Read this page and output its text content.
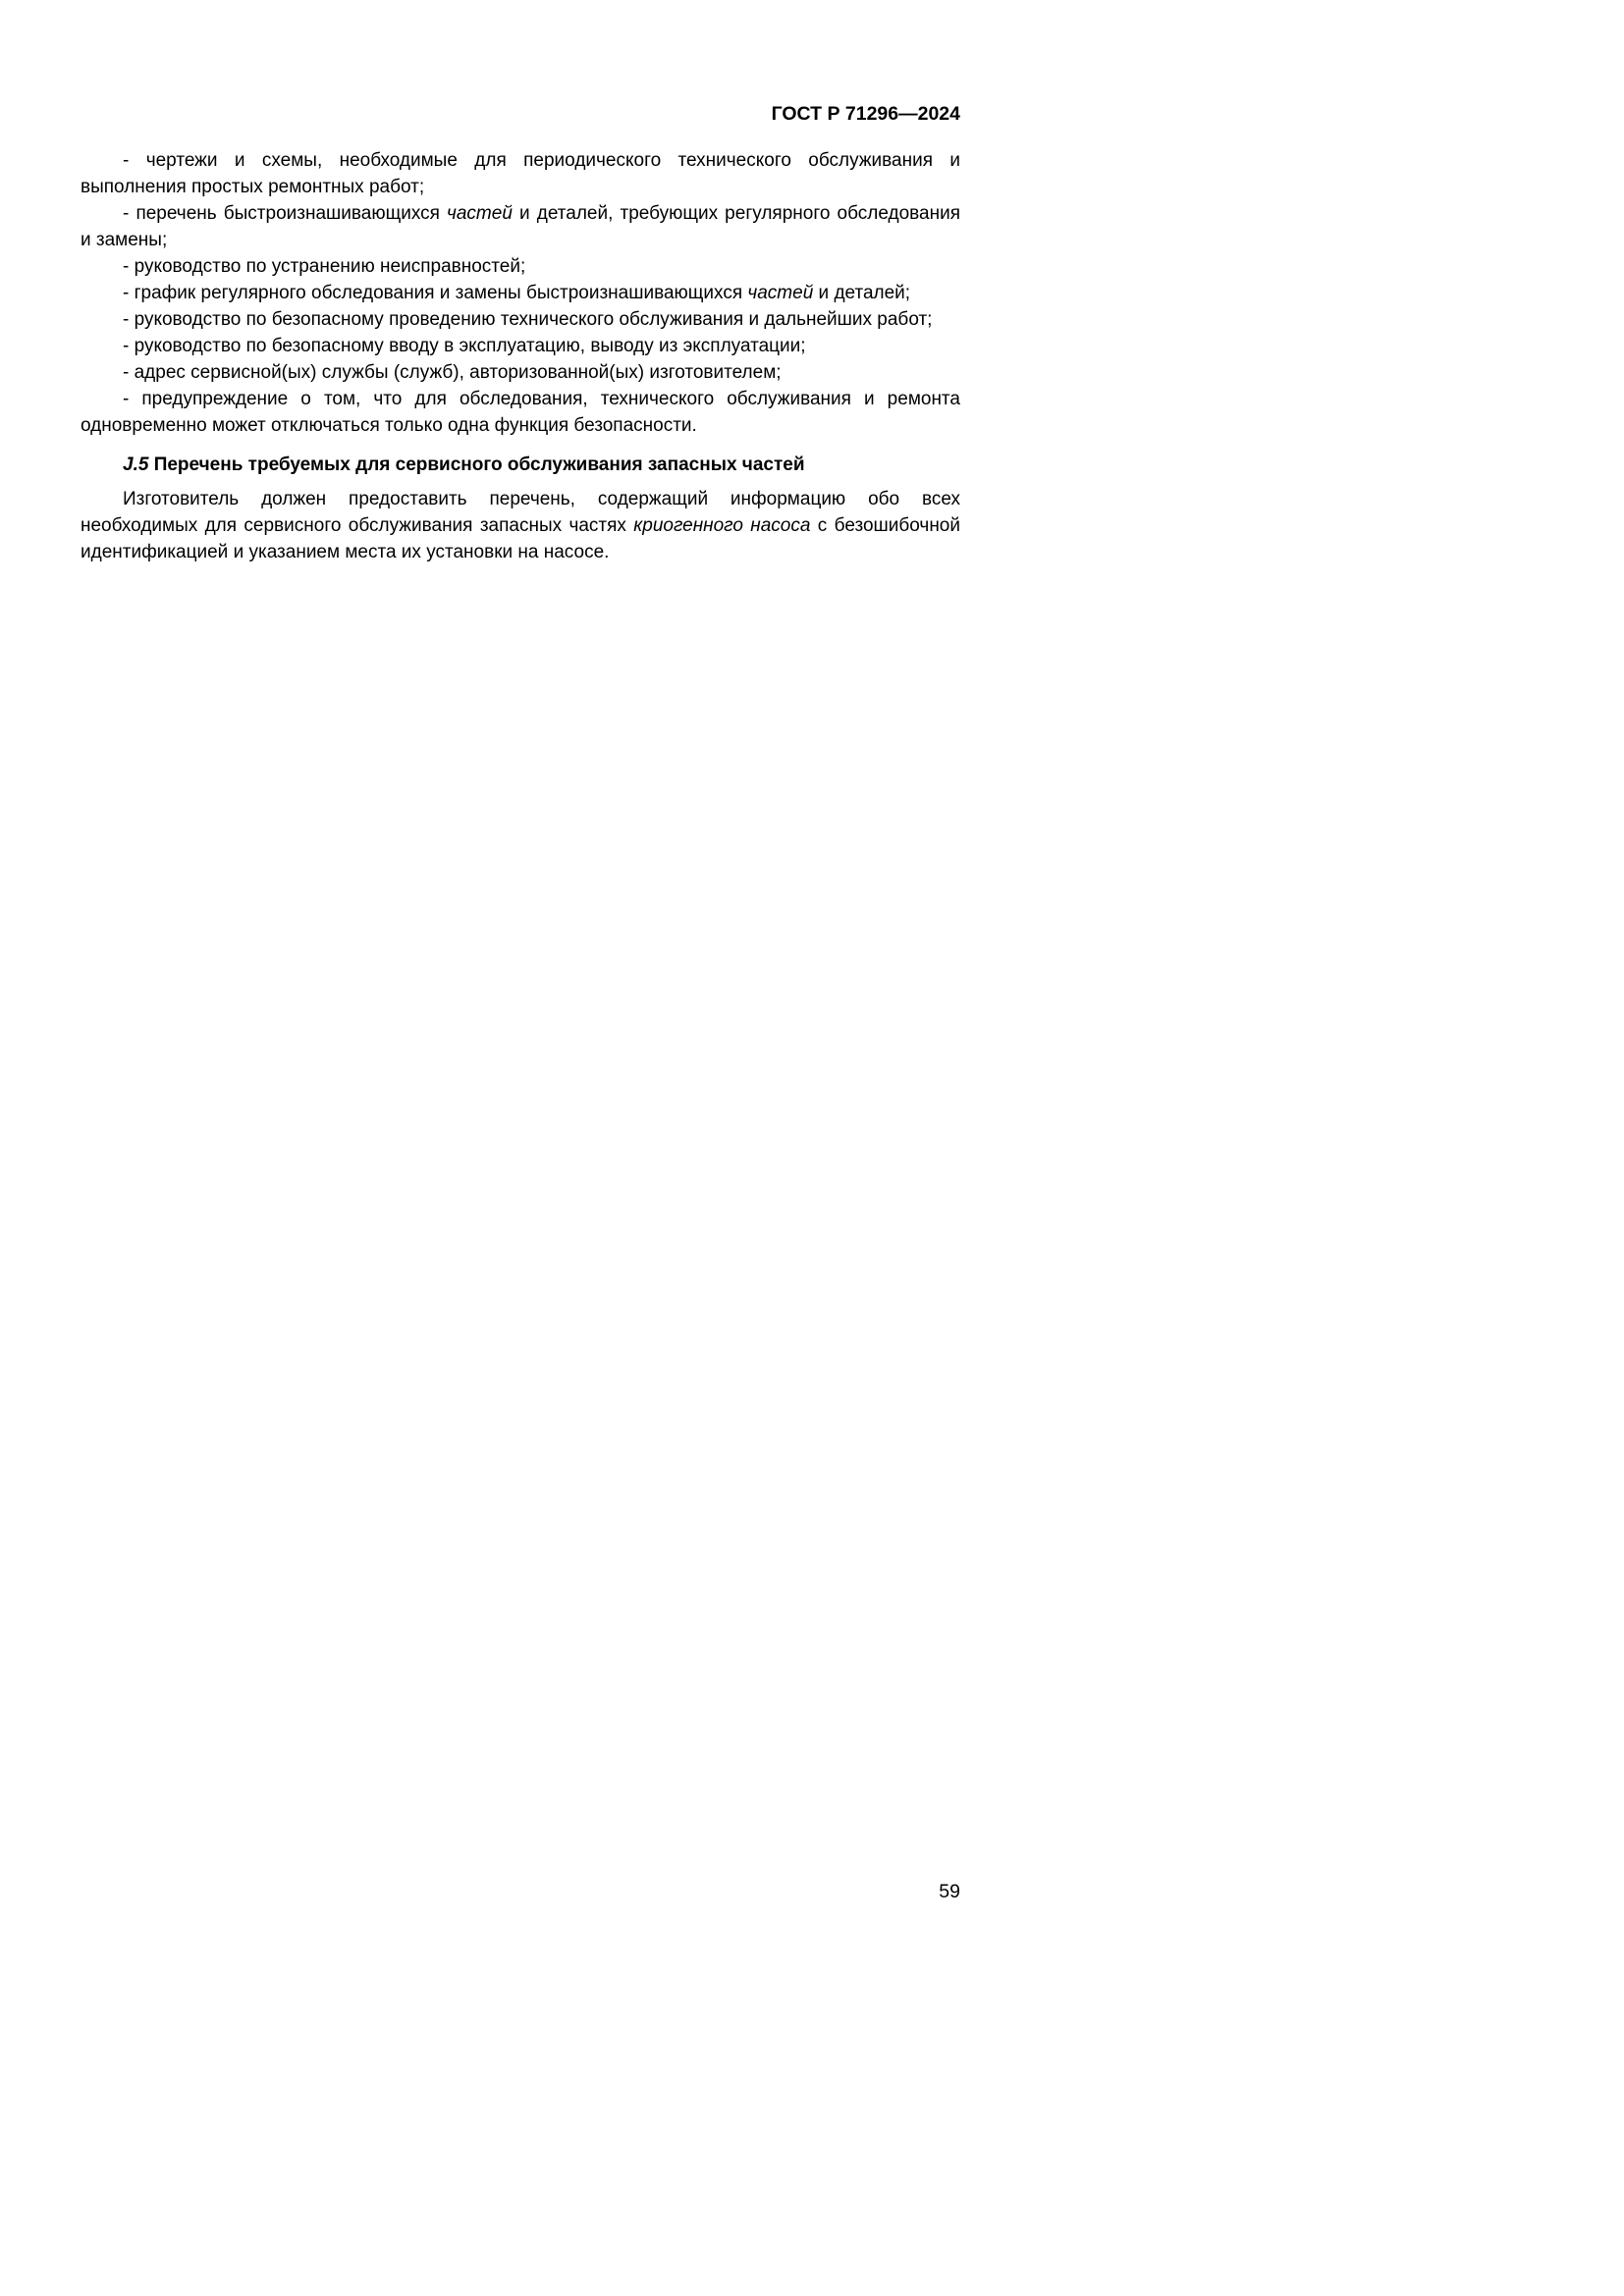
ГОСТ Р 71296—2024

- чертежи и схемы, необходимые для периодического технического обслуживания и выполнения простых ремонтных работ;

- перечень быстроизнашивающихся частей и деталей, требующих регулярного обследования и замены;

- руководство по устранению неисправностей;

- график регулярного обследования и замены быстроизнашивающихся частей и деталей;

- руководство по безопасному проведению технического обслуживания и дальнейших работ;

- руководство по безопасному вводу в эксплуатацию, выводу из эксплуатации;

- адрес сервисной(ых) службы (служб), авторизованной(ых) изготовителем;

- предупреждение о том, что для обследования, технического обслуживания и ремонта одновременно может отключаться только одна функция безопасности.

J.5 Перечень требуемых для сервисного обслуживания запасных частей

Изготовитель должен предоставить перечень, содержащий информацию обо всех необходимых для сервисного обслуживания запасных частях криогенного насоса с безошибочной идентификацией и указанием места их установки на насосе.

59
